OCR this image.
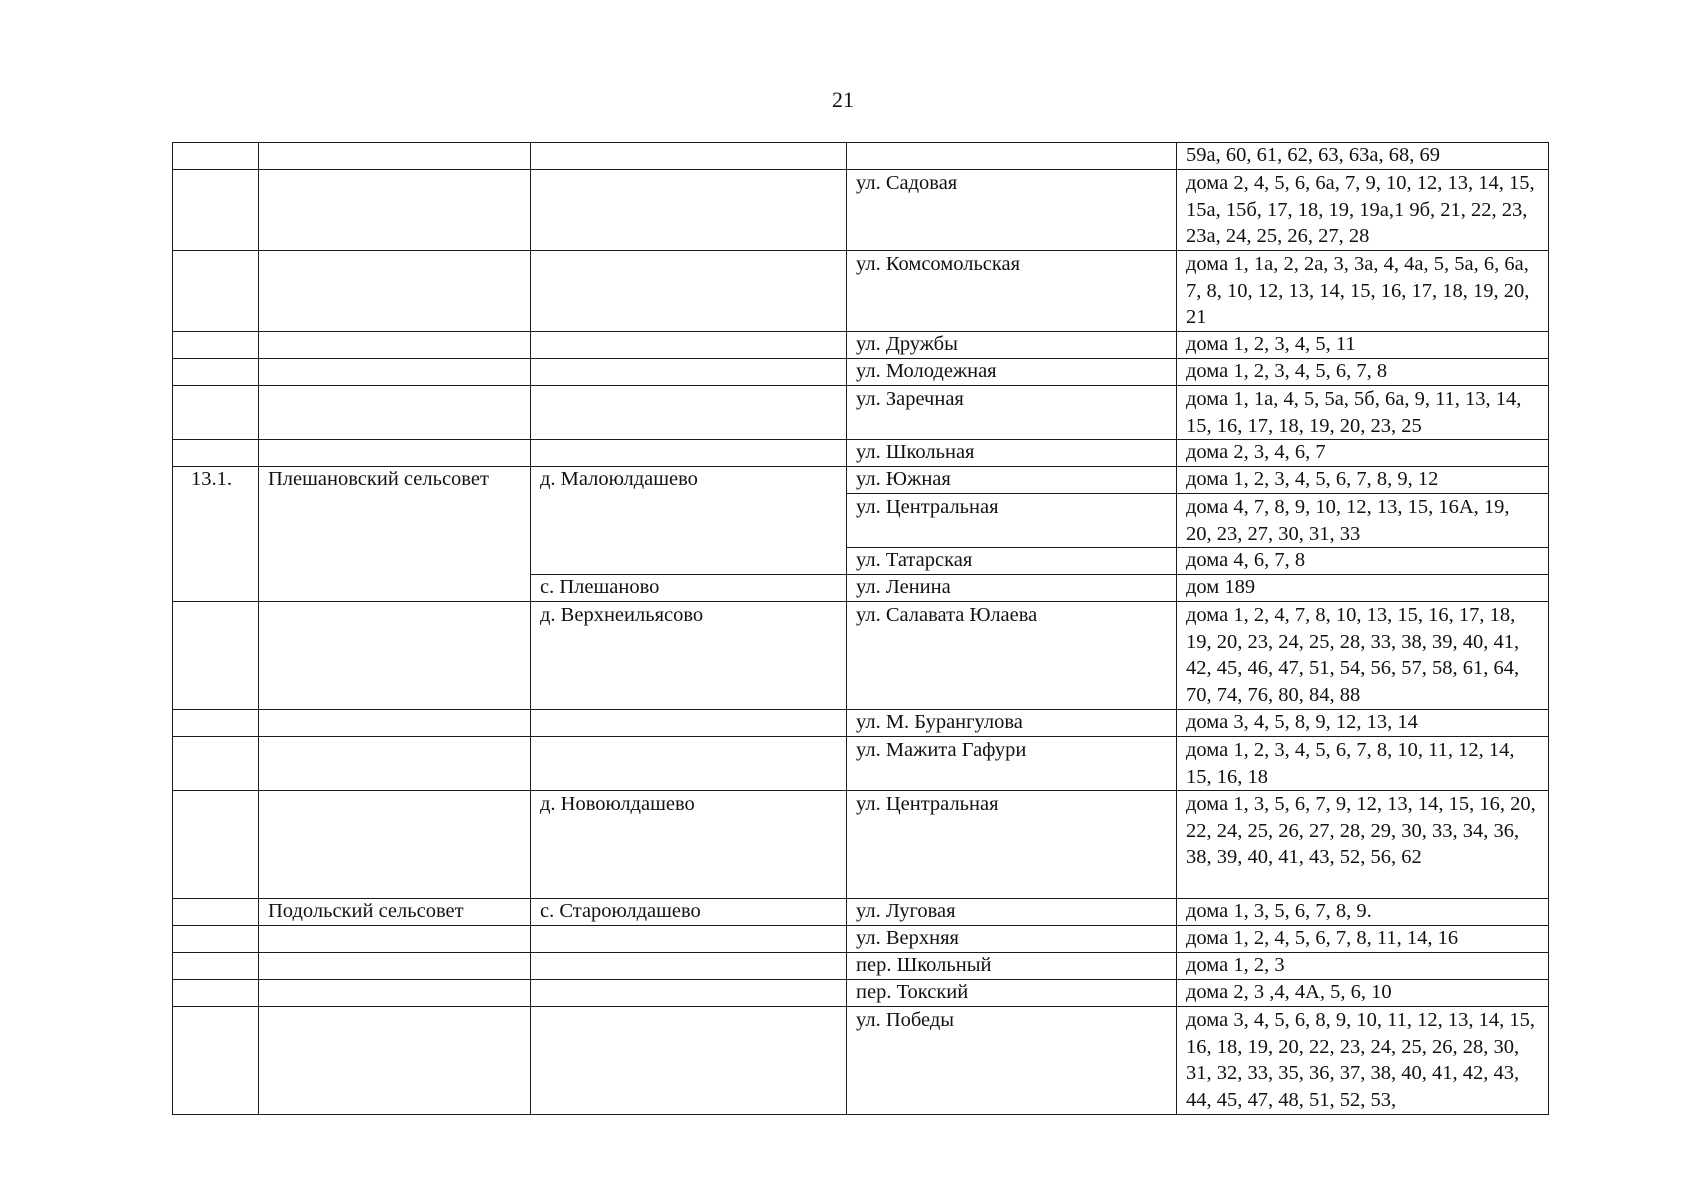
21
				59а, 60, 61, 62, 63, 63а, 68, 69
			ул. Садовая	дома 2, 4, 5, 6, 6а, 7, 9, 10, 12, 13, 14, 15, 15а, 15б, 17, 18, 19, 19а,1 9б, 21, 22, 23, 23а, 24, 25, 26, 27, 28
			ул. Комсомольская	дома 1, 1а, 2, 2а, 3, 3а, 4, 4а, 5, 5а, 6, 6а, 7, 8, 10, 12, 13, 14, 15, 16, 17, 18, 19, 20, 21
			ул. Дружбы	дома 1, 2, 3, 4, 5, 11
			ул. Молодежная	дома 1, 2, 3, 4, 5, 6, 7, 8
			ул. Заречная	дома 1, 1а, 4, 5, 5а, 5б, 6а, 9, 11, 13, 14, 15, 16, 17, 18, 19, 20, 23, 25
			ул. Школьная	дома 2, 3, 4, 6, 7
13.1.	Плешановский сельсовет	д. Малоюлдашево	ул. Южная	дома 1, 2, 3, 4, 5, 6, 7, 8, 9, 12
			ул. Центральная	дома 4, 7, 8, 9, 10, 12, 13, 15, 16А, 19, 20, 23, 27, 30, 31, 33
			ул. Татарская	дома 4, 6, 7, 8
		с. Плешаново	ул. Ленина	дом 189
		д. Верхнеильясово	ул. Салавата Юлаева	дома 1, 2, 4, 7, 8, 10, 13, 15, 16, 17, 18, 19, 20, 23, 24, 25, 28, 33, 38, 39, 40, 41, 42, 45, 46, 47, 51, 54, 56, 57, 58, 61, 64, 70, 74, 76, 80, 84, 88
			ул. М. Бурангулова	дома 3, 4, 5, 8, 9, 12, 13, 14
			ул. Мажита Гафури	дома 1, 2, 3, 4, 5, 6, 7, 8, 10, 11, 12, 14, 15, 16, 18
		д. Новоюлдашево	ул. Центральная	дома 1, 3, 5, 6, 7, 9, 12, 13, 14, 15, 16, 20, 22, 24, 25, 26, 27, 28, 29, 30, 33, 34, 36, 38, 39, 40, 41, 43, 52, 56, 62
	Подольский сельсовет	с. Староюлдашево	ул. Луговая	дома 1, 3, 5, 6, 7, 8, 9.
			ул. Верхняя	дома 1, 2, 4, 5, 6, 7, 8, 11, 14, 16
			пер. Школьный	дома 1, 2, 3
			пер. Токский	дома 2, 3 ,4, 4А, 5, 6, 10
			ул. Победы	дома 3, 4, 5, 6, 8, 9, 10, 11, 12, 13, 14, 15, 16, 18, 19, 20, 22, 23, 24, 25, 26, 28, 30, 31, 32, 33, 35, 36, 37, 38, 40, 41, 42, 43, 44, 45, 47, 48, 51, 52, 53,
